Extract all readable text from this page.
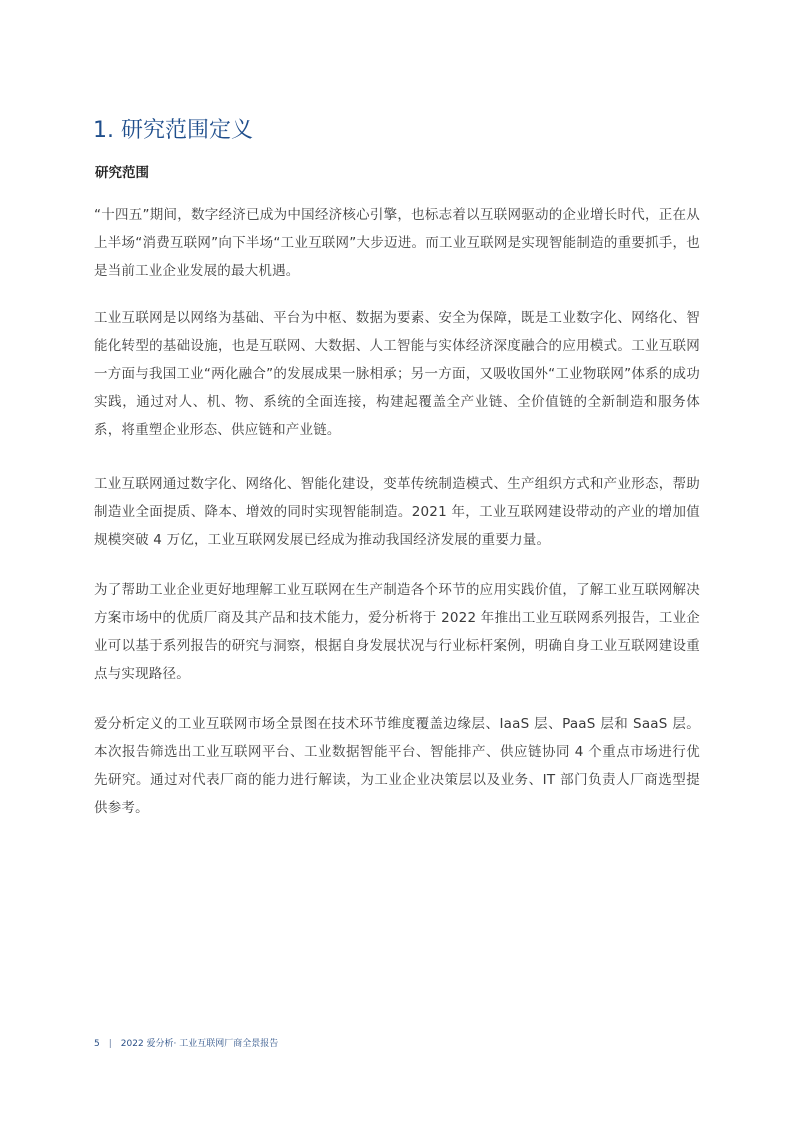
1. 研究范围定义
研究范围

“十四五”期间，数字经济已成为中国经济核心引擎，也标志着以互联网驱动的企业增长时代，正在从上半场“消费互联网”向下半场“工业互联网”大步迈进。而工业互联网是实现智能制造的重要抓手，也是当前工业企业发展的最大机遇。

工业互联网是以网络为基础、平台为中枢、数据为要素、安全为保障，既是工业数字化、网络化、智能化转型的基础设施，也是互联网、大数据、人工智能与实体经济深度融合的应用模式。工业互联网一方面与我国工业“两化融合”的发展成果一脉相承；另一方面，又吸收国外“工业物联网”体系的成功实践，通过对人、机、物、系统的全面连接，构建起覆盖全产业链、全价值链的全新制造和服务体系，将重塑企业形态、供应链和产业链。

工业互联网通过数字化、网络化、智能化建设，变革传统制造模式、生产组织方式和产业形态，帮助制造业全面提质、降本、增效的同时实现智能制造。2021 年，工业互联网建设带动的产业的增加值规模突破 4 万亿，工业互联网发展已经成为推动我国经济发展的重要力量。

为了帮助工业企业更好地理解工业互联网在生产制造各个环节的应用实践价值，了解工业互联网解决方案市场中的优质厂商及其产品和技术能力，爱分析将于 2022 年推出工业互联网系列报告，工业企业可以基于系列报告的研究与洞察，根据自身发展状况与行业标杆案例，明确自身工业互联网建设重点与实现路径。

爱分析定义的工业互联网市场全景图在技术环节维度覆盖边缘层、IaaS 层、PaaS 层和 SaaS 层。本次报告筛选出工业互联网平台、工业数据智能平台、智能排产、供应链协同 4 个重点市场进行优先研究。通过对代表厂商的能力进行解读，为工业企业决策层以及业务、IT 部门负责人厂商选型提供参考。

5 | 2022 爱分析· 工业互联网厂商全景报告
